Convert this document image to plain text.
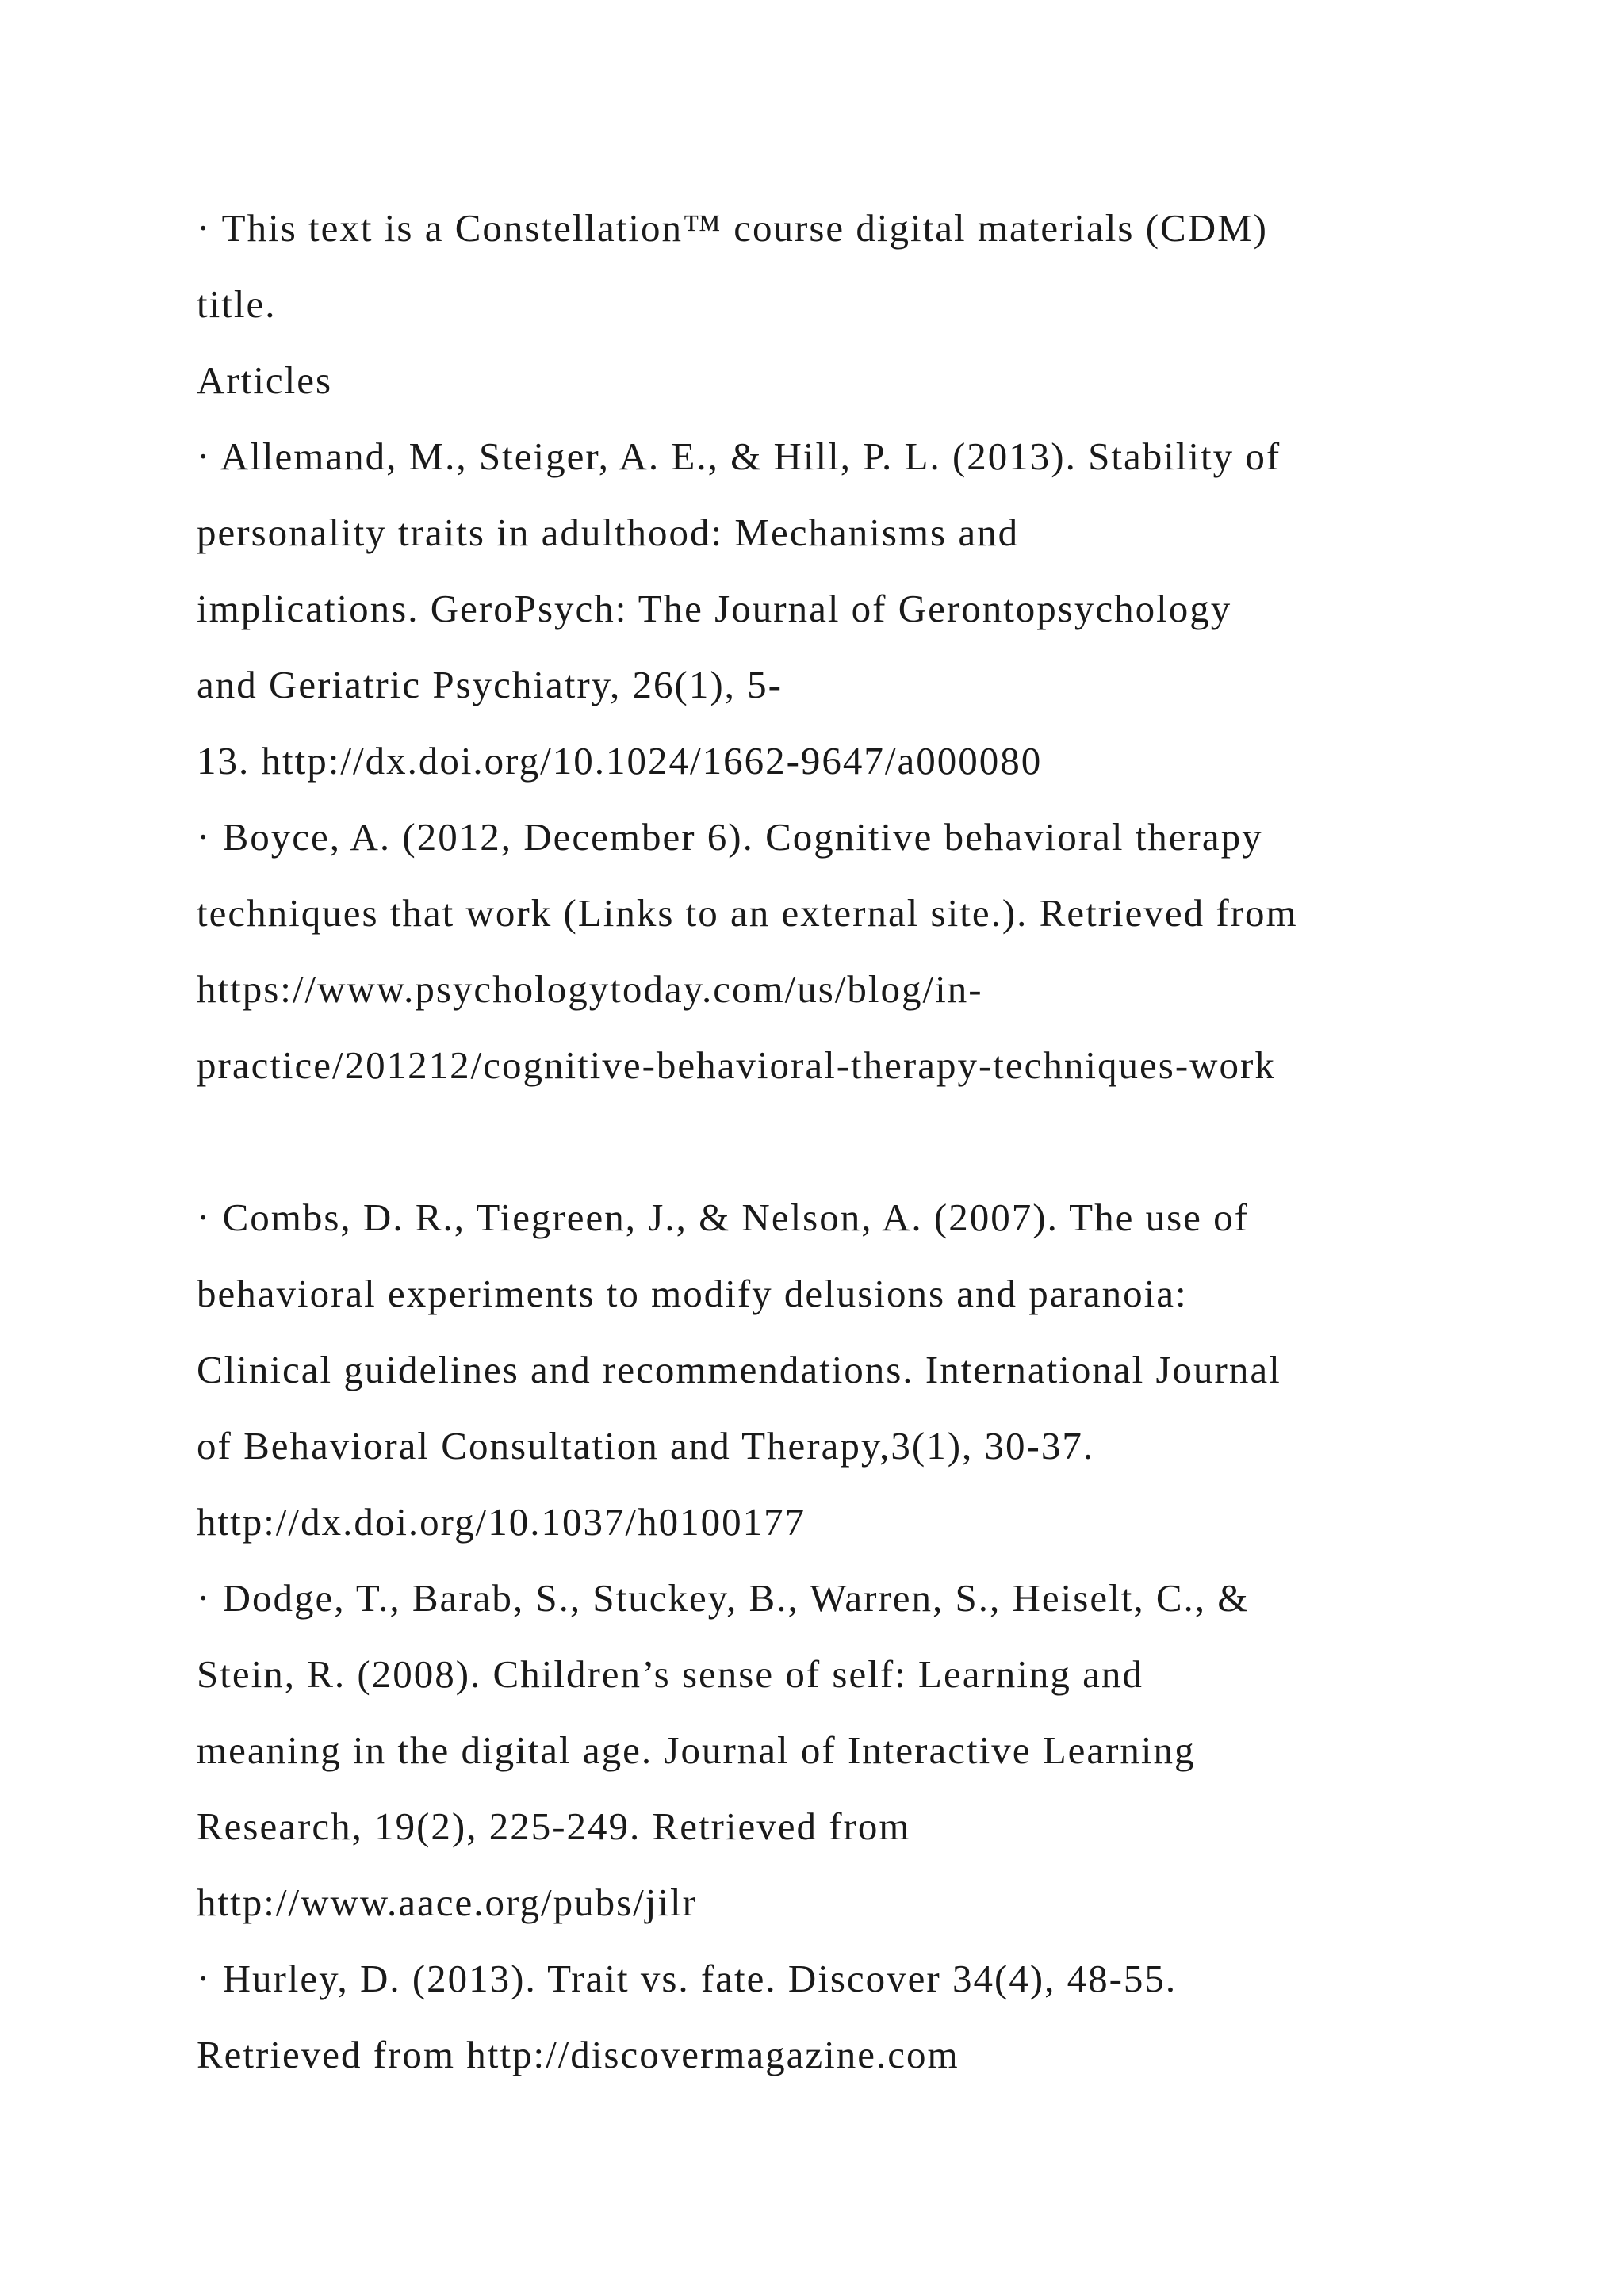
· This text is a Constellation™ course digital materials (CDM)
title.
Articles
· Allemand, M., Steiger, A. E., & Hill, P. L. (2013). Stability of
personality traits in adulthood: Mechanisms and
implications. GeroPsych: The Journal of Gerontopsychology
and Geriatric Psychiatry, 26(1), 5-
13. http://dx.doi.org/10.1024/1662-9647/a000080
· Boyce, A. (2012, December 6). Cognitive behavioral therapy
techniques that work (Links to an external site.). Retrieved from
https://www.psychologytoday.com/us/blog/in-
practice/201212/cognitive-behavioral-therapy-techniques-work
· Combs, D. R., Tiegreen, J., & Nelson, A. (2007). The use of
behavioral experiments to modify delusions and paranoia:
Clinical guidelines and recommendations. International Journal
of Behavioral Consultation and Therapy,3(1), 30-37.
http://dx.doi.org/10.1037/h0100177
· Dodge, T., Barab, S., Stuckey, B., Warren, S., Heiselt, C., &
Stein, R. (2008). Children’s sense of self: Learning and
meaning in the digital age. Journal of Interactive Learning
Research, 19(2), 225-249. Retrieved from
http://www.aace.org/pubs/jilr
· Hurley, D. (2013). Trait vs. fate. Discover 34(4), 48-55.
Retrieved from http://discovermagazine.com
